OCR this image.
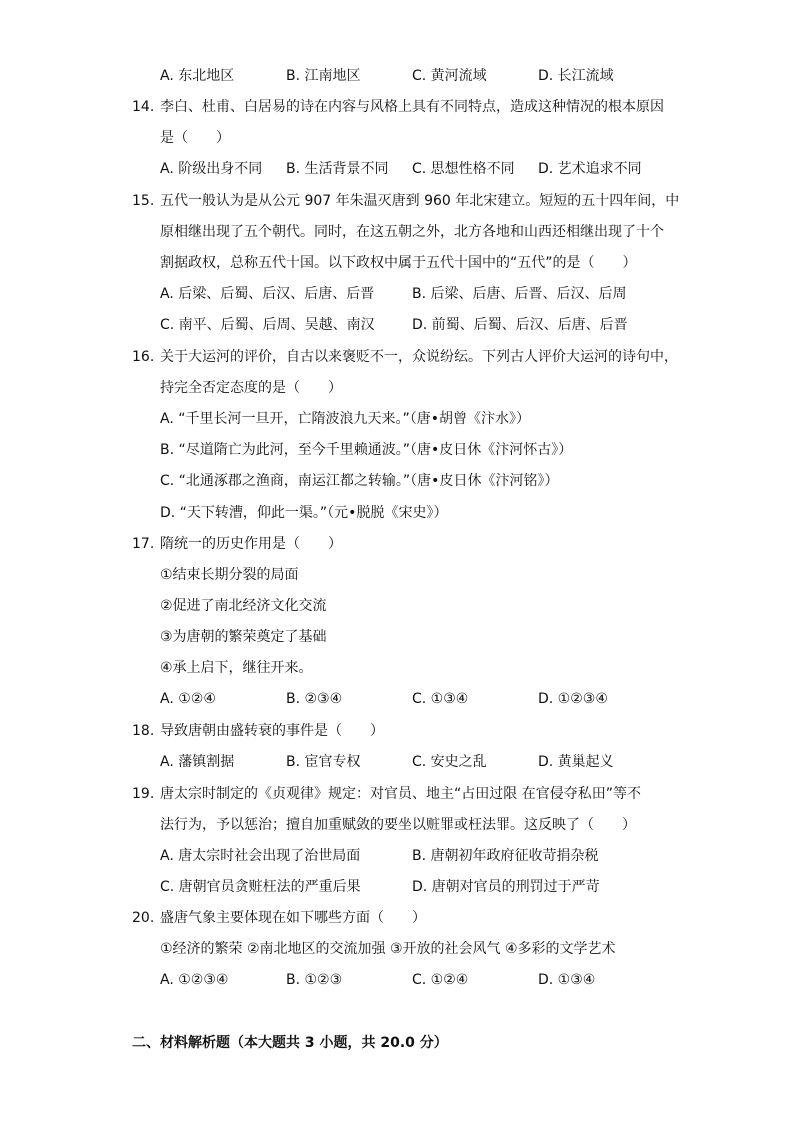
A. 东北地区	B. 江南地区	C. 黄河流域	D. 长江流域
14. 李白、杜甫、白居易的诗在内容与风格上具有不同特点，造成这种情况的根本原因
是（　　）
A. 阶级出身不同 B. 生活背景不同 C. 思想性格不同 D. 艺术追求不同
15. 五代一般认为是从公元 907 年朱温灭唐到 960 年北宋建立。短短的五十四年间，中
原相继出现了五个朝代。同时，在这五朝之外，北方各地和山西还相继出现了十个
割据政权，总称五代十国。以下政权中属于五代十国中的“五代”的是（　　）
A. 后梁、后蜀、后汉、后唐、后晋	B. 后梁、后唐、后晋、后汉、后周
C. 南平、后蜀、后周、吴越、南汉	D. 前蜀、后蜀、后汉、后唐、后晋
16. 关于大运河的评价，自古以来褒贬不一，众说纷纭。下列古人评价大运河的诗句中，
持完全否定态度的是（　　）
A. “千里长河一旦开，亡隋波浪九天来。”（唐•胡曾《汴水》）
B. “尽道隋亡为此河，至今千里赖通波。”（唐•皮日休《汴河怀古》）
C. “北通涿郡之渔商，南运江都之转输。”（唐•皮日休《汴河铭》）
D. “天下转漕，仰此一渠。”（元•脱脱《宋史》）
17. 隋统一的历史作用是（　　）
①结束长期分裂的局面
②促进了南北经济文化交流
③为唐朝的繁荣奠定了基础
④承上启下，继往开来。
A. ①②④	B. ②③④	C. ①③④	D. ①②③④
18. 导致唐朝由盛转衰的事件是（　　）
A. 藩镇割据	B. 宦官专权	C. 安史之乱	D. 黄巢起义
19. 唐太宗时制定的《贞观律》规定：对官员、地主“占田过限 在官侵夺私田”等不
法行为，予以惩治；擅自加重赋敛的要坐以赃罪或枉法罪。这反映了（　　）
A. 唐太宗时社会出现了治世局面	B. 唐朝初年政府征收苛捐杂税
C. 唐朝官员贪赃枉法的严重后果	D. 唐朝对官员的刑罚过于严苛
20. 盛唐气象主要体现在如下哪些方面（　　）
①经济的繁荣 ②南北地区的交流加强 ③开放的社会风气 ④多彩的文学艺术
A. ①②③④	B. ①②③	C. ①②④	D. ①③④
二、材料解析题（本大题共 3 小题，共 20.0 分）
